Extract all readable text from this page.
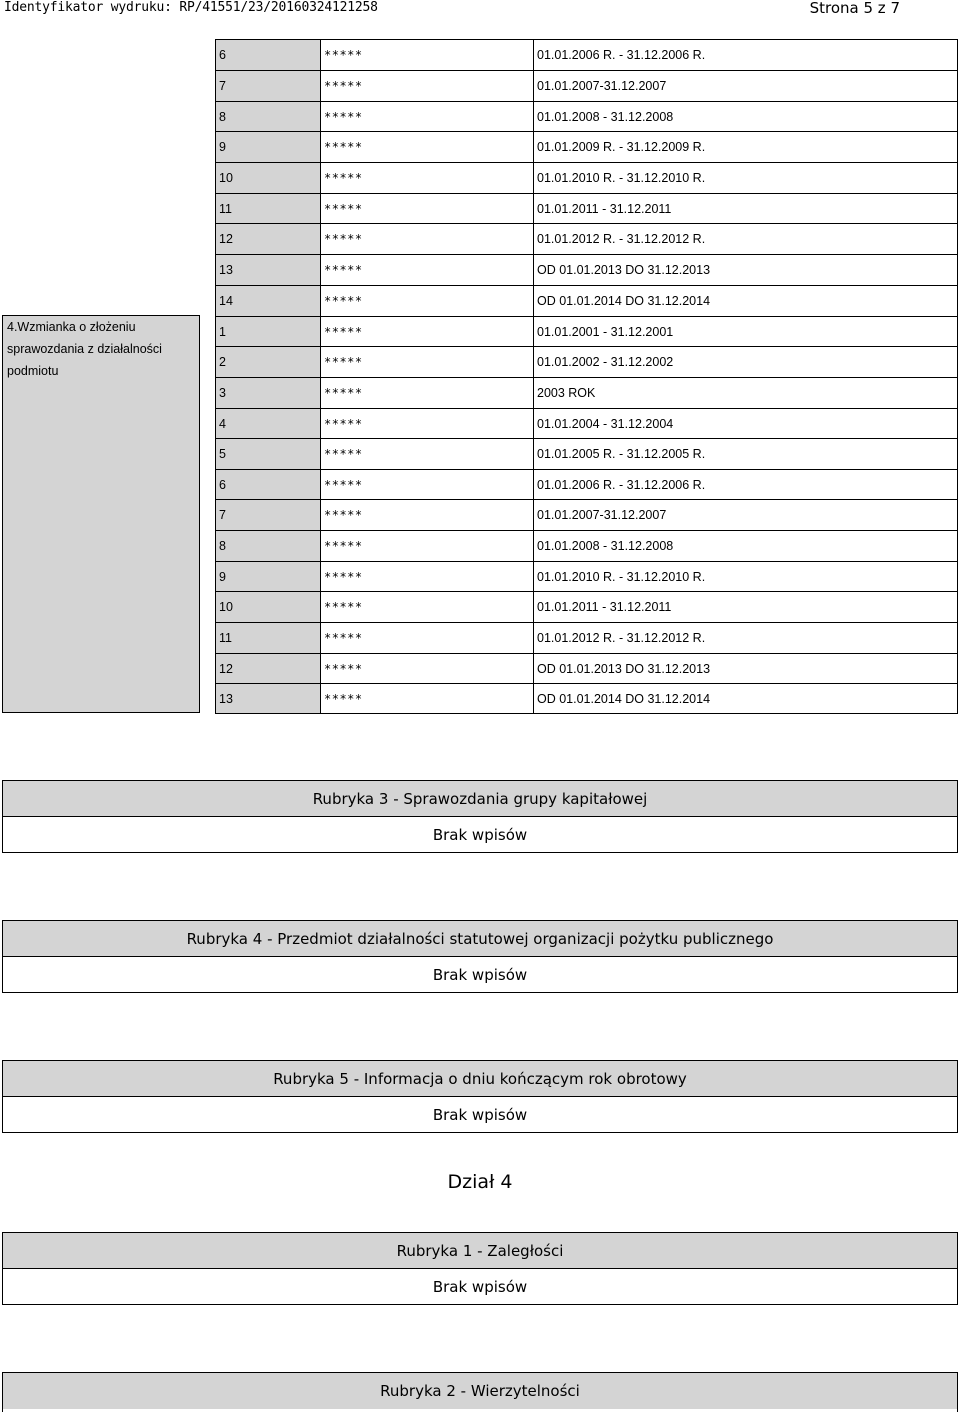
Identyfikator wydruku: RP/41551/23/20160324121258	Strona 5 z 7
4.Wzmianka o złożeniu sprawozdania z działalności podmiotu
6	*****	01.01.2006 R. - 31.12.2006 R.
7	*****	01.01.2007-31.12.2007
8	*****	01.01.2008 - 31.12.2008
9	*****	01.01.2009 R. - 31.12.2009 R.
10	*****	01.01.2010 R. - 31.12.2010 R.
11	*****	01.01.2011 - 31.12.2011
12	*****	01.01.2012 R. - 31.12.2012 R.
13	*****	OD 01.01.2013 DO 31.12.2013
14	*****	OD 01.01.2014 DO 31.12.2014
1	*****	01.01.2001 - 31.12.2001
2	*****	01.01.2002 - 31.12.2002
3	*****	2003 ROK
4	*****	01.01.2004 - 31.12.2004
5	*****	01.01.2005 R. - 31.12.2005 R.
6	*****	01.01.2006 R. - 31.12.2006 R.
7	*****	01.01.2007-31.12.2007
8	*****	01.01.2008 - 31.12.2008
9	*****	01.01.2010 R. - 31.12.2010 R.
10	*****	01.01.2011 - 31.12.2011
11	*****	01.01.2012 R. - 31.12.2012 R.
12	*****	OD 01.01.2013 DO 31.12.2013
13	*****	OD 01.01.2014 DO 31.12.2014
Rubryka 3 - Sprawozdania grupy kapitałowej
Brak wpisów
Rubryka 4 - Przedmiot działalności statutowej organizacji pożytku publicznego
Brak wpisów
Rubryka 5 - Informacja o dniu kończącym rok obrotowy
Brak wpisów
Dział 4
Rubryka 1 - Zaległości
Brak wpisów
Rubryka 2 - Wierzytelności
